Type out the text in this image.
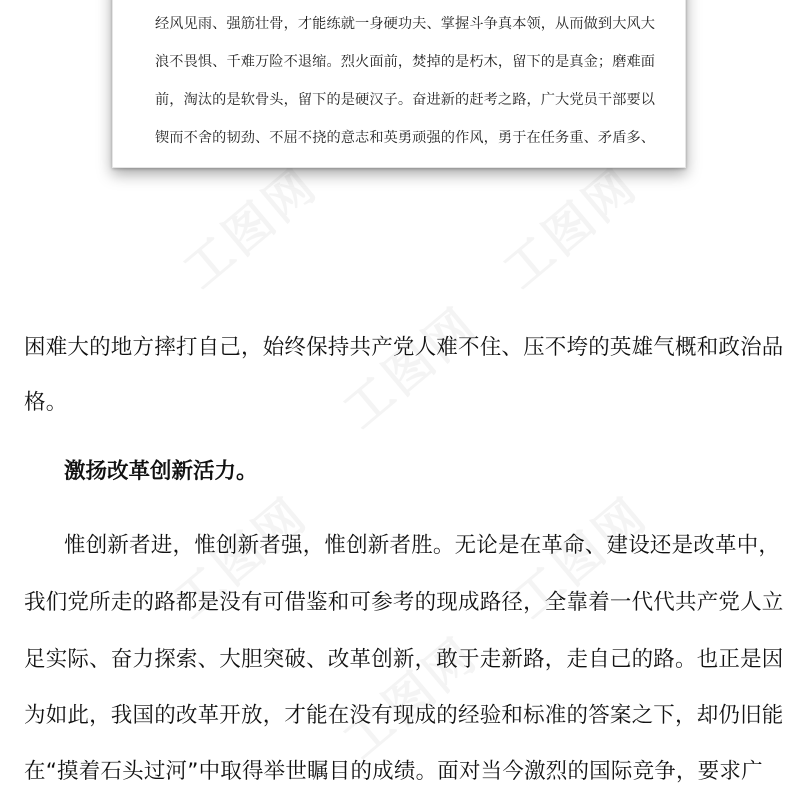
工图网	工图网
工图网
工图网	工图网
工图网
经风见雨、强筋壮骨，才能练就一身硬功夫、掌握斗争真本领，从而做到大风大
浪不畏惧、千难万险不退缩。烈火面前，焚掉的是朽木，留下的是真金；磨难面
前，淘汰的是软骨头，留下的是硬汉子。奋进新的赶考之路，广大党员干部要以
锲而不舍的韧劲、不屈不挠的意志和英勇顽强的作风，勇于在任务重、矛盾多、
困难大的地方摔打自己，始终保持共产党人难不住、压不垮的英雄气概和政治品
格。
激扬改革创新活力。
惟创新者进，惟创新者强，惟创新者胜。无论是在革命、建设还是改革中，
我们党所走的路都是没有可借鉴和可参考的现成路径，全靠着一代代共产党人立
足实际、奋力探索、大胆突破、改革创新，敢于走新路，走自己的路。也正是因
为如此，我国的改革开放，才能在没有现成的经验和标准的答案之下，却仍旧能
在“摸着石头过河”中取得举世瞩目的成绩。面对当今激烈的国际竞争，要求广
